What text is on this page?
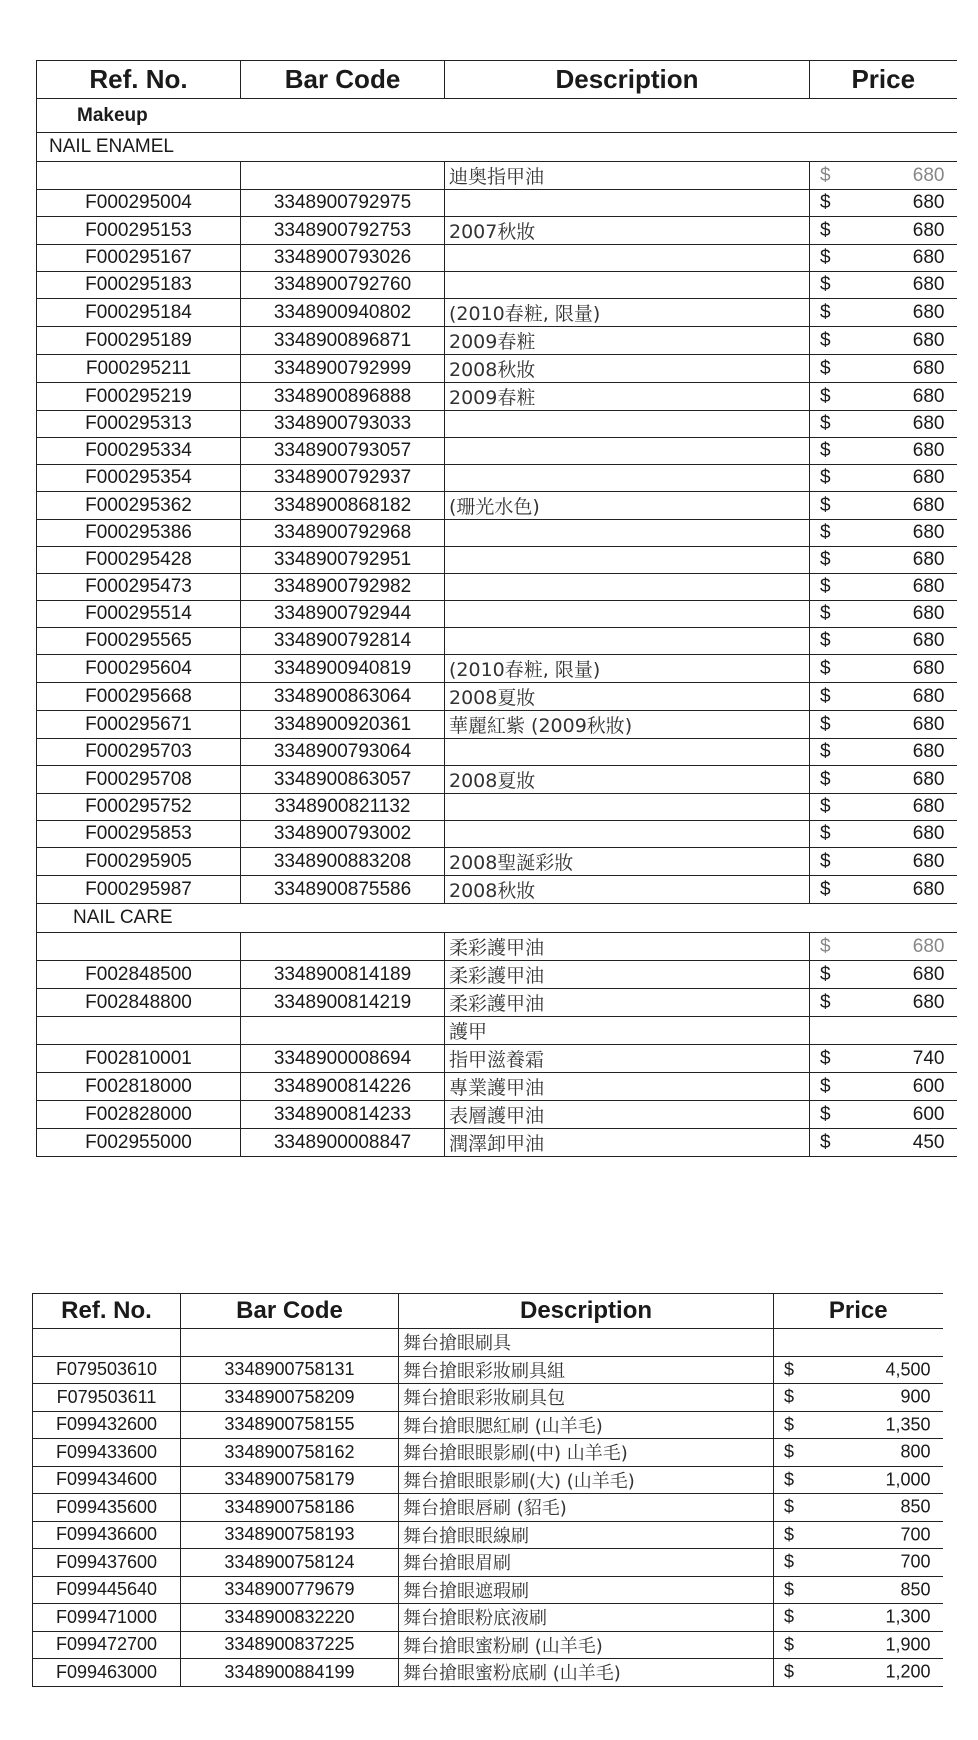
Ref. No.	Bar Code	Description	Price
Makeup			
NAIL ENAMEL			
		迪奥指甲油	$ 680

F000295004	3348900792975		$ 680

F000295153	3348900792753	2007秋妝	$ 680

F000295167	3348900793026		$ 680

F000295183	3348900792760		$ 680

F000295184	3348900940802	(2010春粧, 限量)	$ 680

F000295189	3348900896871	2009春粧	$ 680

F000295211	3348900792999	2008秋妝	$ 680

F000295219	3348900896888	2009春粧	$ 680

F000295313	3348900793033		$ 680

F000295334	3348900793057		$ 680

F000295354	3348900792937		$ 680

F000295362	3348900868182	(珊光水色)	$ 680

F000295386	3348900792968		$ 680

F000295428	3348900792951		$ 680

F000295473	3348900792982		$ 680

F000295514	3348900792944		$ 680

F000295565	3348900792814		$ 680

F000295604	3348900940819	(2010春粧, 限量)	$ 680

F000295668	3348900863064	2008夏妝	$ 680

F000295671	3348900920361	華麗紅紫 (2009秋妝)	$ 680

F000295703	3348900793064		$ 680

F000295708	3348900863057	2008夏妝	$ 680

F000295752	3348900821132		$ 680

F000295853	3348900793002		$ 680

F000295905	3348900883208	2008聖誕彩妝	$ 680

F000295987	3348900875586	2008秋妝	$ 680

NAIL CARE			
		柔彩護甲油	$ 680

F002848500	3348900814189	柔彩護甲油	$ 680

F002848800	3348900814219	柔彩護甲油	$ 680

		護甲	

F002810001	3348900008694	指甲滋養霜	$ 740

F002818000	3348900814226	專業護甲油	$ 600

F002828000	3348900814233	表層護甲油	$ 600

F002955000	3348900008847	潤澤卸甲油	$ 450
Ref. No.	Bar Code	Description	Price
		舞台搶眼刷具	

F079503610	3348900758131	舞台搶眼彩妝刷具組	$ 4,500

F079503611	3348900758209	舞台搶眼彩妝刷具包	$ 900

F099432600	3348900758155	舞台搶眼腮紅刷 (山羊毛)	$ 1,350

F099433600	3348900758162	舞台搶眼眼影刷(中) 山羊毛)	$ 800

F099434600	3348900758179	舞台搶眼眼影刷(大) (山羊毛)	$ 1,000

F099435600	3348900758186	舞台搶眼唇刷 (貂毛)	$ 850

F099436600	3348900758193	舞台搶眼眼線刷	$ 700

F099437600	3348900758124	舞台搶眼眉刷	$ 700

F099445640	3348900779679	舞台搶眼遮瑕刷	$ 850

F099471000	3348900832220	舞台搶眼粉底液刷	$ 1,300

F099472700	3348900837225	舞台搶眼蜜粉刷 (山羊毛)	$ 1,900

F099463000	3348900884199	舞台搶眼蜜粉底刷 (山羊毛)	$ 1,200
